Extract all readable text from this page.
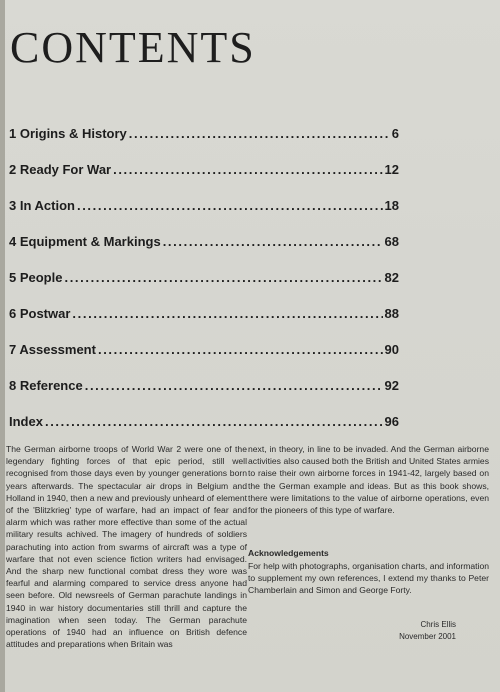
CONTENTS
1 Origins & History . . .	6
2 Ready For War . . .	12
3 In Action . . .	18
4 Equipment & Markings . . .	68
5 People . . .	82
6 Postwar . . .	88
7 Assessment . . .	90
8 Reference . . .	92
Index . . .	96

The German airborne troops of World War 2 were one of the legendary fighting forces of that epic period, still well recognised from those days even by younger generations born years afterwards. The spectacular air drops in Belgium and Holland in 1940, then a new and previously unheard of element of the 'Blitzkrieg' type of warfare, had an impact of fear and alarm which was rather more effective than some of the actual military results achived. The imagery of hundreds of soldiers parachuting into action from swarms of aircraft was a type of warfare that not even science fiction writers had envisaged. And the sharp new functional combat dress they wore was fearful and alarming compared to service dress anyone had seen before. Old newsreels of German parachute landings in 1940 in war history documentaries still thrill and capture the imagination when seen today. The German parachute operations of 1940 had an influence on British defence attitudes and preparations when Britain was

next, in theory, in line to be invaded. And the German airborne activities also caused both the British and United States armies to raise their own airborne forces in 1941-42, largely based on the the German example and ideas. But as this book shows, there were limitations to the value of airborne operations, even for the pioneers of this type of warfare.

Acknowledgements
For help with photographs, organisation charts, and information to supplement my own references, I extend my thanks to Peter Chamberlain and Simon and George Forty.
Chris Ellis
November 2001
